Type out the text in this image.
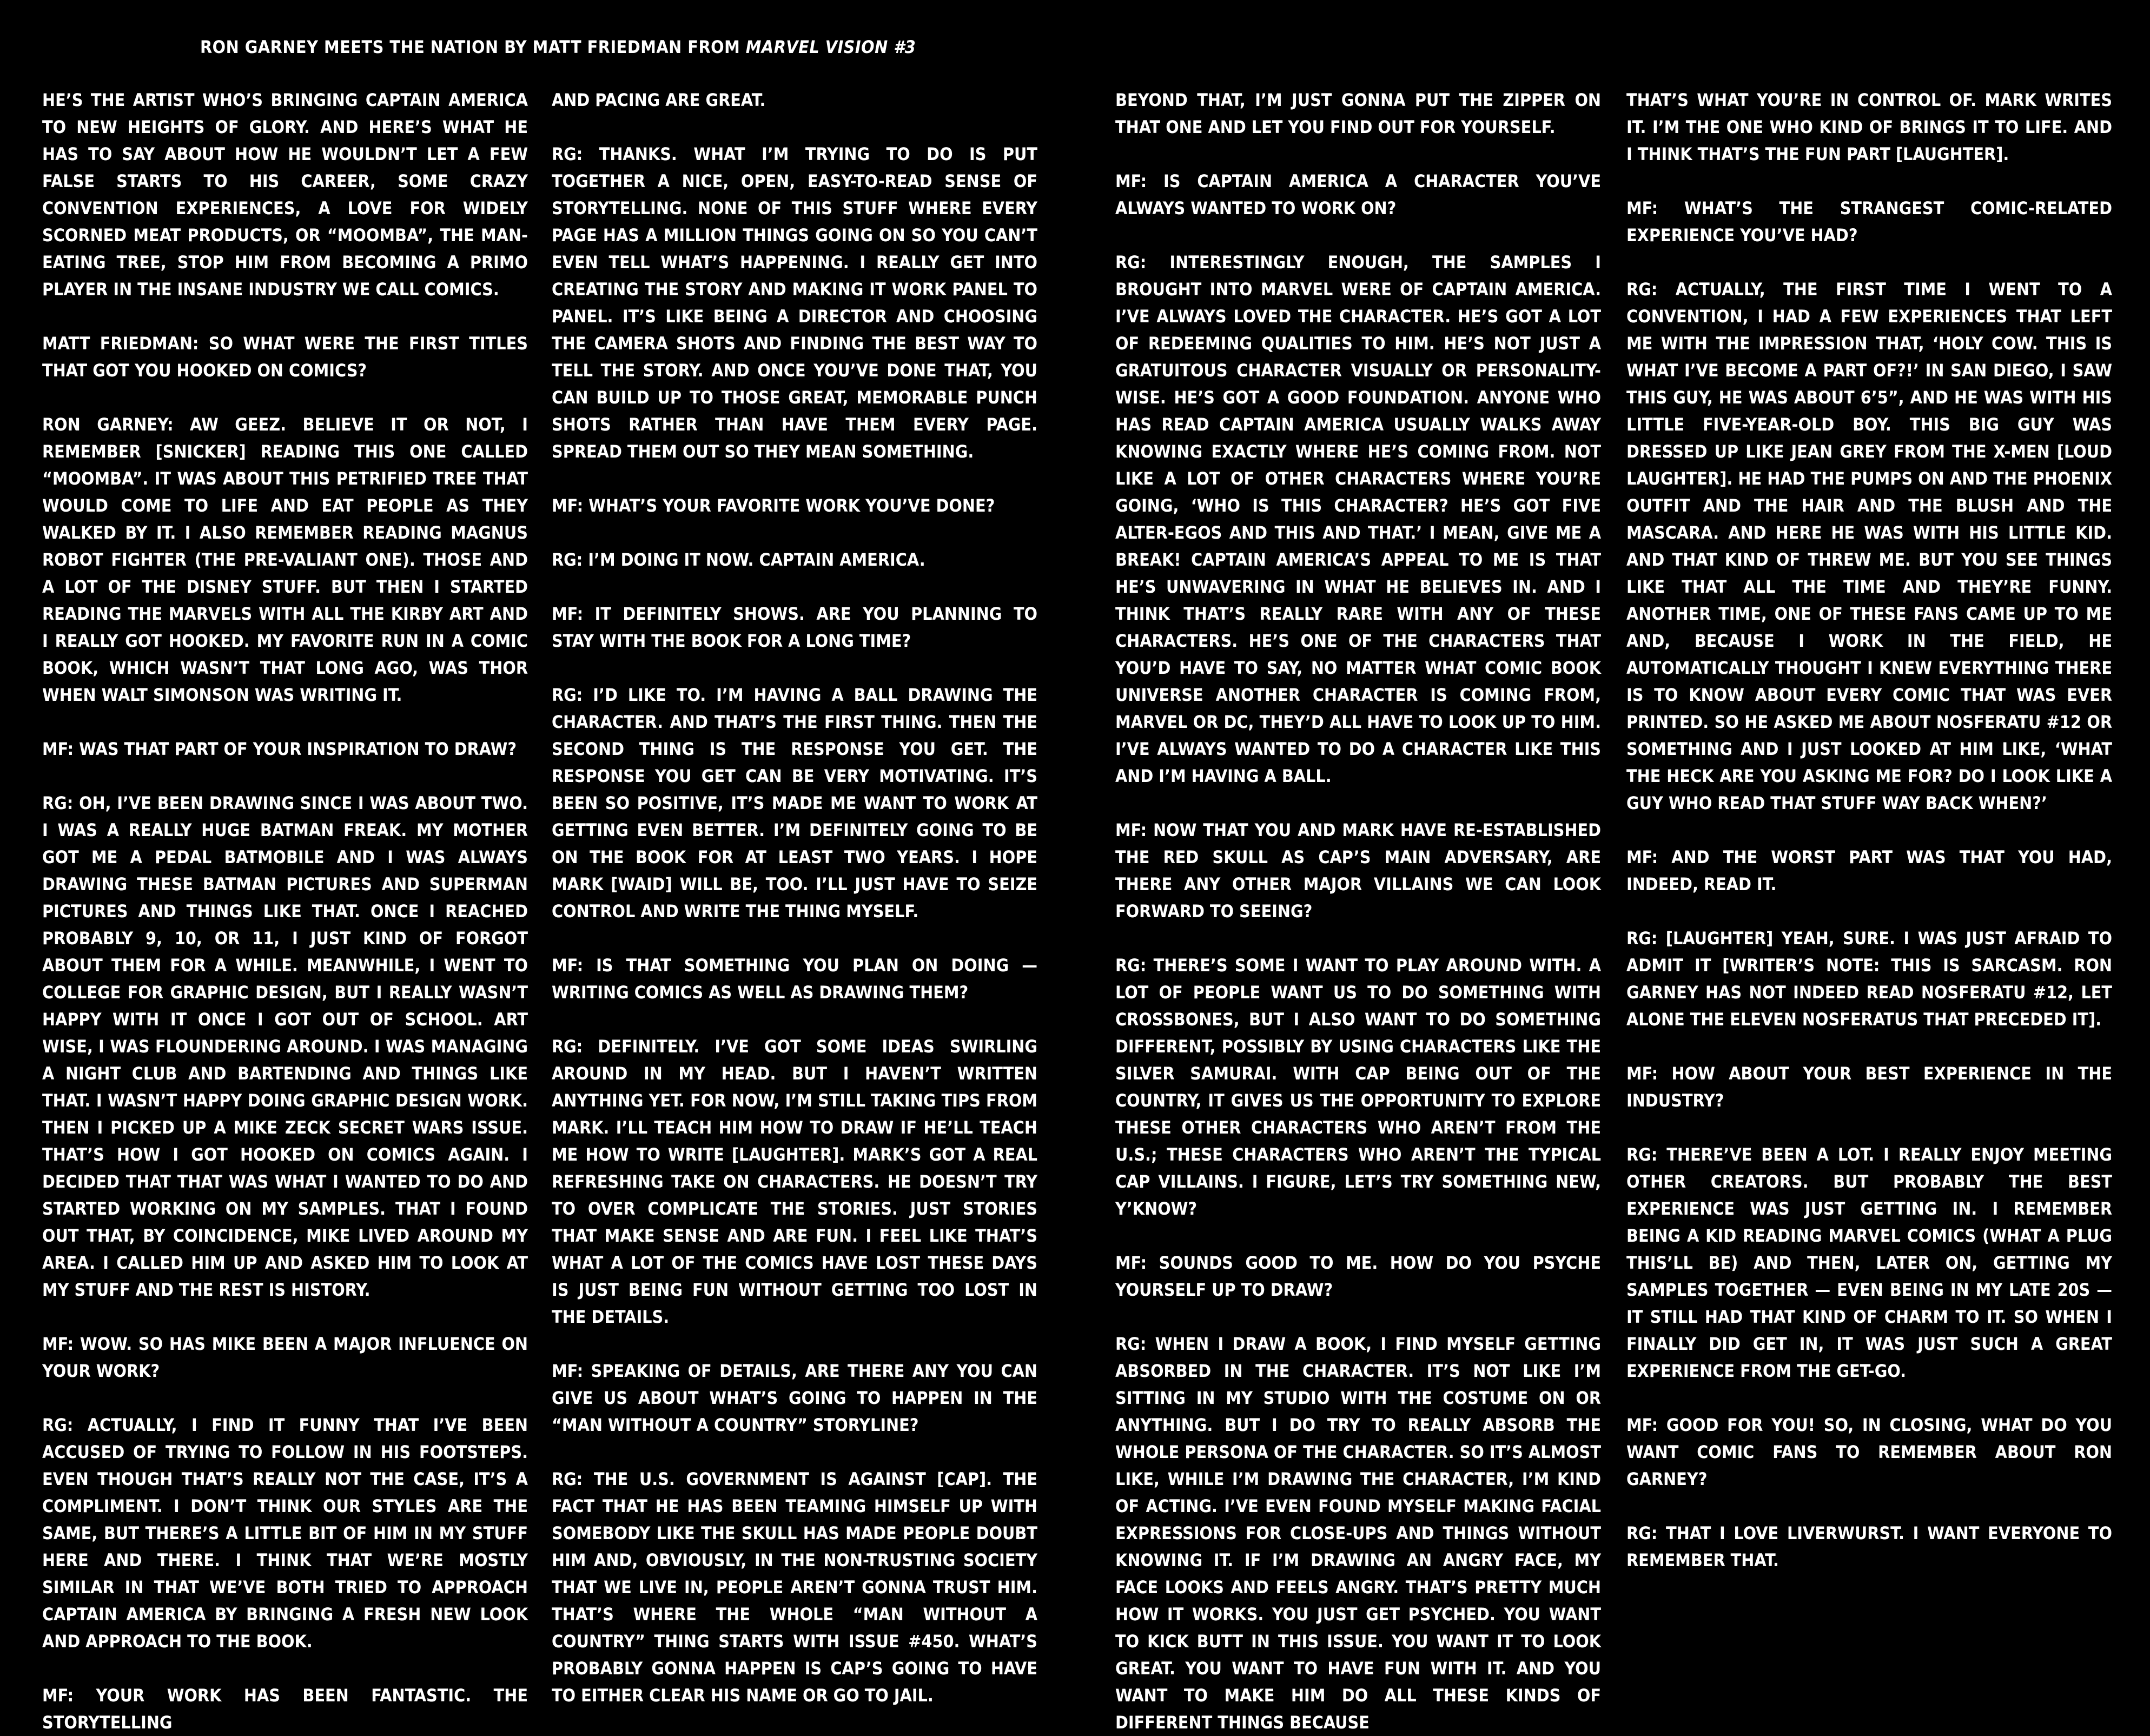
RON GARNEY MEETS THE NATION BY MATT FRIEDMAN FROM MARVEL VISION #3

HE’S THE ARTIST WHO’S BRINGING CAPTAIN AMERICA TO NEW HEIGHTS OF GLORY. AND HERE’S WHAT HE HAS TO SAY ABOUT HOW HE WOULDN’T LET A FEW FALSE STARTS TO HIS CAREER, SOME CRAZY CONVENTION EXPERIENCES, A LOVE FOR WIDELY SCORNED MEAT PRODUCTS, OR “MOOMBA”, THE MAN-EATING TREE, STOP HIM FROM BECOMING A PRIMO PLAYER IN THE INSANE INDUSTRY WE CALL COMICS.

MATT FRIEDMAN: SO WHAT WERE THE FIRST TITLES THAT GOT YOU HOOKED ON COMICS?

RON GARNEY: AW GEEZ. BELIEVE IT OR NOT, I REMEMBER [SNICKER] READING THIS ONE CALLED “MOOMBA”. IT WAS ABOUT THIS PETRIFIED TREE THAT WOULD COME TO LIFE AND EAT PEOPLE AS THEY WALKED BY IT. I ALSO REMEMBER READING MAGNUS ROBOT FIGHTER (THE PRE-VALIANT ONE). THOSE AND A LOT OF THE DISNEY STUFF. BUT THEN I STARTED READING THE MARVELS WITH ALL THE KIRBY ART AND I REALLY GOT HOOKED. MY FAVORITE RUN IN A COMIC BOOK, WHICH WASN’T THAT LONG AGO, WAS THOR WHEN WALT SIMONSON WAS WRITING IT.

MF: WAS THAT PART OF YOUR INSPIRATION TO DRAW?

RG: OH, I’VE BEEN DRAWING SINCE I WAS ABOUT TWO. I WAS A REALLY HUGE BATMAN FREAK. MY MOTHER GOT ME A PEDAL BATMOBILE AND I WAS ALWAYS DRAWING THESE BATMAN PICTURES AND SUPERMAN PICTURES AND THINGS LIKE THAT. ONCE I REACHED PROBABLY 9, 10, OR 11, I JUST KIND OF FORGOT ABOUT THEM FOR A WHILE. MEANWHILE, I WENT TO COLLEGE FOR GRAPHIC DESIGN, BUT I REALLY WASN’T HAPPY WITH IT ONCE I GOT OUT OF SCHOOL. ART WISE, I WAS FLOUNDERING AROUND. I WAS MANAGING A NIGHT CLUB AND BARTENDING AND THINGS LIKE THAT. I WASN’T HAPPY DOING GRAPHIC DESIGN WORK. THEN I PICKED UP A MIKE ZECK SECRET WARS ISSUE. THAT’S HOW I GOT HOOKED ON COMICS AGAIN. I DECIDED THAT THAT WAS WHAT I WANTED TO DO AND STARTED WORKING ON MY SAMPLES. THAT I FOUND OUT THAT, BY COINCIDENCE, MIKE LIVED AROUND MY AREA. I CALLED HIM UP AND ASKED HIM TO LOOK AT MY STUFF AND THE REST IS HISTORY.

MF: WOW. SO HAS MIKE BEEN A MAJOR INFLUENCE ON YOUR WORK?

RG: ACTUALLY, I FIND IT FUNNY THAT I’VE BEEN ACCUSED OF TRYING TO FOLLOW IN HIS FOOTSTEPS. EVEN THOUGH THAT’S REALLY NOT THE CASE, IT’S A COMPLIMENT. I DON’T THINK OUR STYLES ARE THE SAME, BUT THERE’S A LITTLE BIT OF HIM IN MY STUFF HERE AND THERE. I THINK THAT WE’RE MOSTLY SIMILAR IN THAT WE’VE BOTH TRIED TO APPROACH CAPTAIN AMERICA BY BRINGING A FRESH NEW LOOK AND APPROACH TO THE BOOK.

MF: YOUR WORK HAS BEEN FANTASTIC. THE STORYTELLING

AND PACING ARE GREAT.

RG: THANKS. WHAT I’M TRYING TO DO IS PUT TOGETHER A NICE, OPEN, EASY-TO-READ SENSE OF STORYTELLING. NONE OF THIS STUFF WHERE EVERY PAGE HAS A MILLION THINGS GOING ON SO YOU CAN’T EVEN TELL WHAT’S HAPPENING. I REALLY GET INTO CREATING THE STORY AND MAKING IT WORK PANEL TO PANEL. IT’S LIKE BEING A DIRECTOR AND CHOOSING THE CAMERA SHOTS AND FINDING THE BEST WAY TO TELL THE STORY. AND ONCE YOU’VE DONE THAT, YOU CAN BUILD UP TO THOSE GREAT, MEMORABLE PUNCH SHOTS RATHER THAN HAVE THEM EVERY PAGE. SPREAD THEM OUT SO THEY MEAN SOMETHING.

MF: WHAT’S YOUR FAVORITE WORK YOU’VE DONE?

RG: I’M DOING IT NOW. CAPTAIN AMERICA.

MF: IT DEFINITELY SHOWS. ARE YOU PLANNING TO STAY WITH THE BOOK FOR A LONG TIME?

RG: I’D LIKE TO. I’M HAVING A BALL DRAWING THE CHARACTER. AND THAT’S THE FIRST THING. THEN THE SECOND THING IS THE RESPONSE YOU GET. THE RESPONSE YOU GET CAN BE VERY MOTIVATING. IT’S BEEN SO POSITIVE, IT’S MADE ME WANT TO WORK AT GETTING EVEN BETTER. I’M DEFINITELY GOING TO BE ON THE BOOK FOR AT LEAST TWO YEARS. I HOPE MARK [WAID] WILL BE, TOO. I’LL JUST HAVE TO SEIZE CONTROL AND WRITE THE THING MYSELF.

MF: IS THAT SOMETHING YOU PLAN ON DOING — WRITING COMICS AS WELL AS DRAWING THEM?

RG: DEFINITELY. I’VE GOT SOME IDEAS SWIRLING AROUND IN MY HEAD. BUT I HAVEN’T WRITTEN ANYTHING YET. FOR NOW, I’M STILL TAKING TIPS FROM MARK. I’LL TEACH HIM HOW TO DRAW IF HE’LL TEACH ME HOW TO WRITE [LAUGHTER]. MARK’S GOT A REAL REFRESHING TAKE ON CHARACTERS. HE DOESN’T TRY TO OVER COMPLICATE THE STORIES. JUST STORIES THAT MAKE SENSE AND ARE FUN. I FEEL LIKE THAT’S WHAT A LOT OF THE COMICS HAVE LOST THESE DAYS IS JUST BEING FUN WITHOUT GETTING TOO LOST IN THE DETAILS.

MF: SPEAKING OF DETAILS, ARE THERE ANY YOU CAN GIVE US ABOUT WHAT’S GOING TO HAPPEN IN THE “MAN WITHOUT A COUNTRY” STORYLINE?

RG: THE U.S. GOVERNMENT IS AGAINST [CAP]. THE FACT THAT HE HAS BEEN TEAMING HIMSELF UP WITH SOMEBODY LIKE THE SKULL HAS MADE PEOPLE DOUBT HIM AND, OBVIOUSLY, IN THE NON-TRUSTING SOCIETY THAT WE LIVE IN, PEOPLE AREN’T GONNA TRUST HIM. THAT’S WHERE THE WHOLE “MAN WITHOUT A COUNTRY” THING STARTS WITH ISSUE #450. WHAT’S PROBABLY GONNA HAPPEN IS CAP’S GOING TO HAVE TO EITHER CLEAR HIS NAME OR GO TO JAIL.

BEYOND THAT, I’M JUST GONNA PUT THE ZIPPER ON THAT ONE AND LET YOU FIND OUT FOR YOURSELF.

MF: IS CAPTAIN AMERICA A CHARACTER YOU’VE ALWAYS WANTED TO WORK ON?

RG: INTERESTINGLY ENOUGH, THE SAMPLES I BROUGHT INTO MARVEL WERE OF CAPTAIN AMERICA. I’VE ALWAYS LOVED THE CHARACTER. HE’S GOT A LOT OF REDEEMING QUALITIES TO HIM. HE’S NOT JUST A GRATUITOUS CHARACTER VISUALLY OR PERSONALITY-WISE. HE’S GOT A GOOD FOUNDATION. ANYONE WHO HAS READ CAPTAIN AMERICA USUALLY WALKS AWAY KNOWING EXACTLY WHERE HE’S COMING FROM. NOT LIKE A LOT OF OTHER CHARACTERS WHERE YOU’RE GOING, ‘WHO IS THIS CHARACTER? HE’S GOT FIVE ALTER-EGOS AND THIS AND THAT.’ I MEAN, GIVE ME A BREAK! CAPTAIN AMERICA’S APPEAL TO ME IS THAT HE’S UNWAVERING IN WHAT HE BELIEVES IN. AND I THINK THAT’S REALLY RARE WITH ANY OF THESE CHARACTERS. HE’S ONE OF THE CHARACTERS THAT YOU’D HAVE TO SAY, NO MATTER WHAT COMIC BOOK UNIVERSE ANOTHER CHARACTER IS COMING FROM, MARVEL OR DC, THEY’D ALL HAVE TO LOOK UP TO HIM. I’VE ALWAYS WANTED TO DO A CHARACTER LIKE THIS AND I’M HAVING A BALL.

MF: NOW THAT YOU AND MARK HAVE RE-ESTABLISHED THE RED SKULL AS CAP’S MAIN ADVERSARY, ARE THERE ANY OTHER MAJOR VILLAINS WE CAN LOOK FORWARD TO SEEING?

RG: THERE’S SOME I WANT TO PLAY AROUND WITH. A LOT OF PEOPLE WANT US TO DO SOMETHING WITH CROSSBONES, BUT I ALSO WANT TO DO SOMETHING DIFFERENT, POSSIBLY BY USING CHARACTERS LIKE THE SILVER SAMURAI. WITH CAP BEING OUT OF THE COUNTRY, IT GIVES US THE OPPORTUNITY TO EXPLORE THESE OTHER CHARACTERS WHO AREN’T FROM THE U.S.; THESE CHARACTERS WHO AREN’T THE TYPICAL CAP VILLAINS. I FIGURE, LET’S TRY SOMETHING NEW, Y’KNOW?

MF: SOUNDS GOOD TO ME. HOW DO YOU PSYCHE YOURSELF UP TO DRAW?

RG: WHEN I DRAW A BOOK, I FIND MYSELF GETTING ABSORBED IN THE CHARACTER. IT’S NOT LIKE I’M SITTING IN MY STUDIO WITH THE COSTUME ON OR ANYTHING. BUT I DO TRY TO REALLY ABSORB THE WHOLE PERSONA OF THE CHARACTER. SO IT’S ALMOST LIKE, WHILE I’M DRAWING THE CHARACTER, I’M KIND OF ACTING. I’VE EVEN FOUND MYSELF MAKING FACIAL EXPRESSIONS FOR CLOSE-UPS AND THINGS WITHOUT KNOWING IT. IF I’M DRAWING AN ANGRY FACE, MY FACE LOOKS AND FEELS ANGRY. THAT’S PRETTY MUCH HOW IT WORKS. YOU JUST GET PSYCHED. YOU WANT TO KICK BUTT IN THIS ISSUE. YOU WANT IT TO LOOK GREAT. YOU WANT TO HAVE FUN WITH IT. AND YOU WANT TO MAKE HIM DO ALL THESE KINDS OF DIFFERENT THINGS BECAUSE

THAT’S WHAT YOU’RE IN CONTROL OF. MARK WRITES IT. I’M THE ONE WHO KIND OF BRINGS IT TO LIFE. AND I THINK THAT’S THE FUN PART [LAUGHTER].

MF: WHAT’S THE STRANGEST COMIC-RELATED EXPERIENCE YOU’VE HAD?

RG: ACTUALLY, THE FIRST TIME I WENT TO A CONVENTION, I HAD A FEW EXPERIENCES THAT LEFT ME WITH THE IMPRESSION THAT, ‘HOLY COW. THIS IS WHAT I’VE BECOME A PART OF?!’ IN SAN DIEGO, I SAW THIS GUY, HE WAS ABOUT 6’5”, AND HE WAS WITH HIS LITTLE FIVE-YEAR-OLD BOY. THIS BIG GUY WAS DRESSED UP LIKE JEAN GREY FROM THE X-MEN [LOUD LAUGHTER]. HE HAD THE PUMPS ON AND THE PHOENIX OUTFIT AND THE HAIR AND THE BLUSH AND THE MASCARA. AND HERE HE WAS WITH HIS LITTLE KID. AND THAT KIND OF THREW ME. BUT YOU SEE THINGS LIKE THAT ALL THE TIME AND THEY’RE FUNNY. ANOTHER TIME, ONE OF THESE FANS CAME UP TO ME AND, BECAUSE I WORK IN THE FIELD, HE AUTOMATICALLY THOUGHT I KNEW EVERYTHING THERE IS TO KNOW ABOUT EVERY COMIC THAT WAS EVER PRINTED. SO HE ASKED ME ABOUT NOSFERATU #12 OR SOMETHING AND I JUST LOOKED AT HIM LIKE, ‘WHAT THE HECK ARE YOU ASKING ME FOR? DO I LOOK LIKE A GUY WHO READ THAT STUFF WAY BACK WHEN?’

MF: AND THE WORST PART WAS THAT YOU HAD, INDEED, READ IT.

RG: [LAUGHTER] YEAH, SURE. I WAS JUST AFRAID TO ADMIT IT [WRITER’S NOTE: THIS IS SARCASM. RON GARNEY HAS NOT INDEED READ NOSFERATU #12, LET ALONE THE ELEVEN NOSFERATUS THAT PRECEDED IT].

MF: HOW ABOUT YOUR BEST EXPERIENCE IN THE INDUSTRY?

RG: THERE’VE BEEN A LOT. I REALLY ENJOY MEETING OTHER CREATORS. BUT PROBABLY THE BEST EXPERIENCE WAS JUST GETTING IN. I REMEMBER BEING A KID READING MARVEL COMICS (WHAT A PLUG THIS’LL BE) AND THEN, LATER ON, GETTING MY SAMPLES TOGETHER — EVEN BEING IN MY LATE 20S — IT STILL HAD THAT KIND OF CHARM TO IT. SO WHEN I FINALLY DID GET IN, IT WAS JUST SUCH A GREAT EXPERIENCE FROM THE GET-GO.

MF: GOOD FOR YOU! SO, IN CLOSING, WHAT DO YOU WANT COMIC FANS TO REMEMBER ABOUT RON GARNEY?

RG: THAT I LOVE LIVERWURST. I WANT EVERYONE TO REMEMBER THAT.
